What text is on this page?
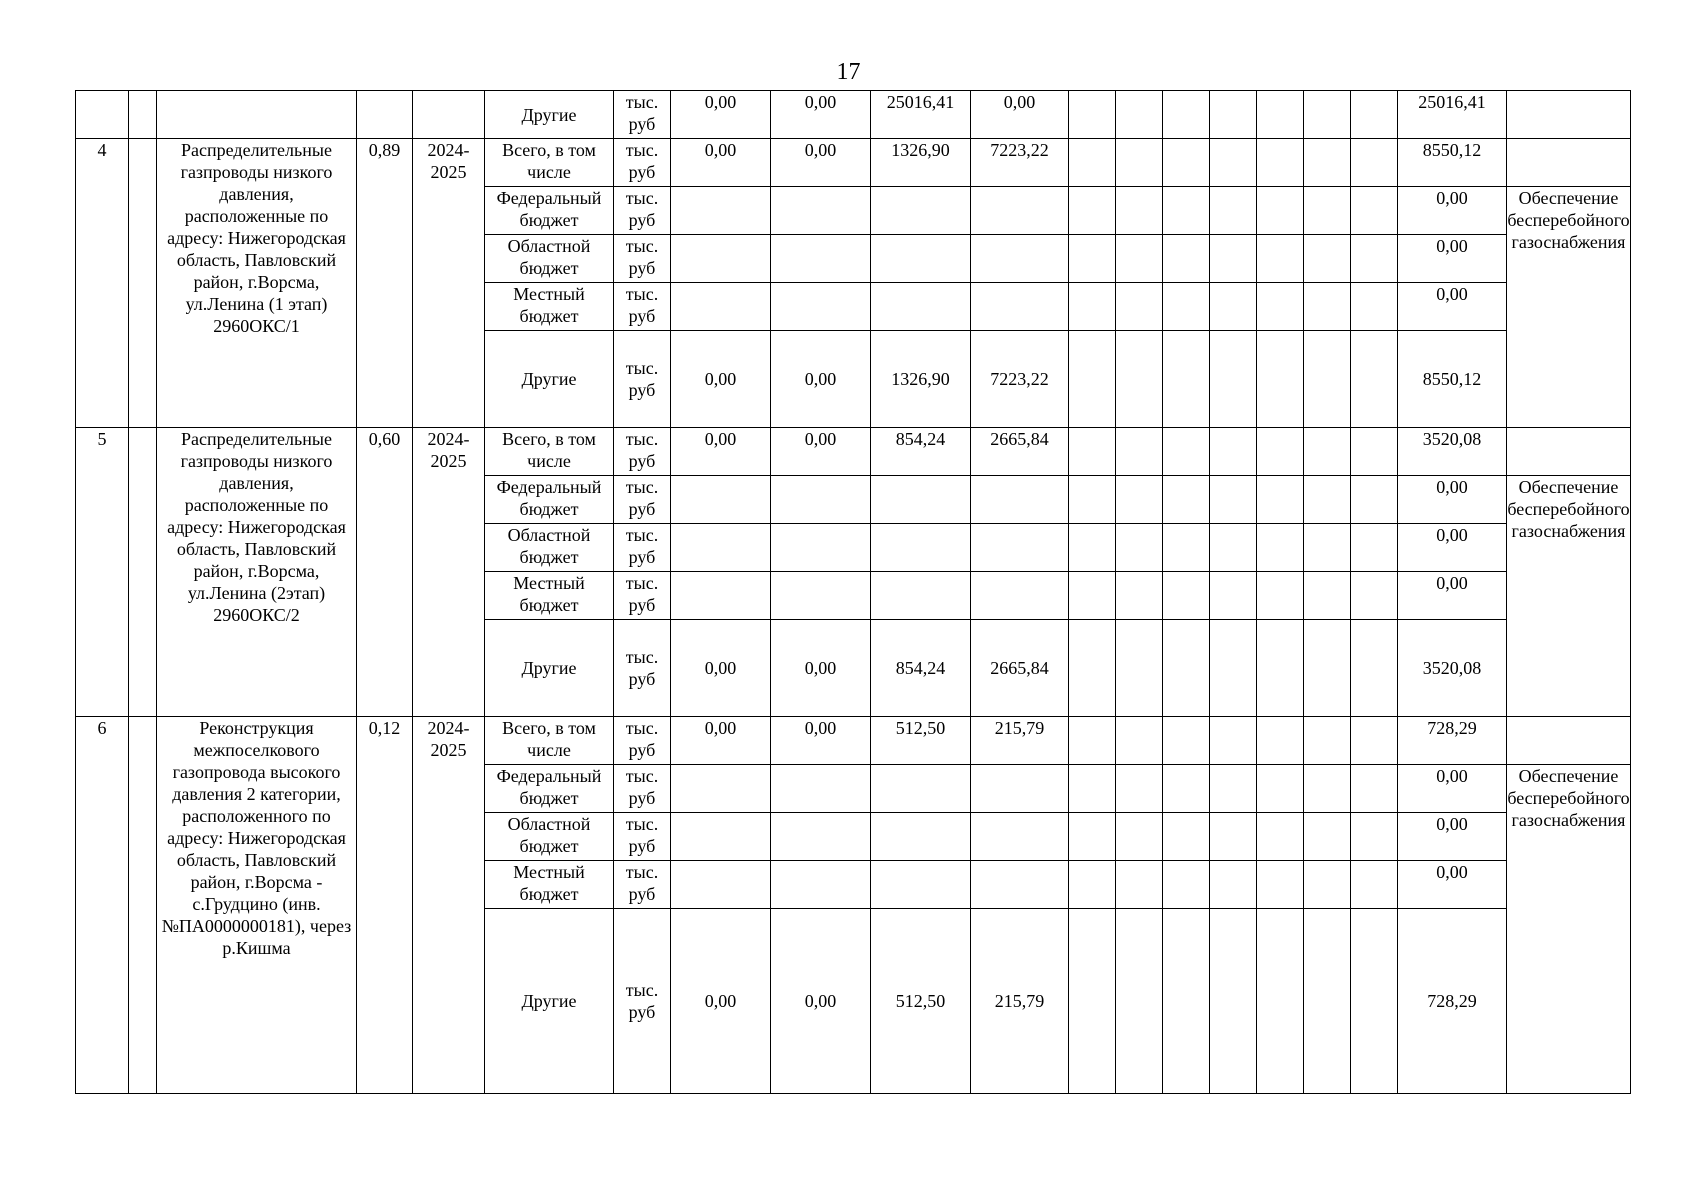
17
					Другие	тыс. руб	0,00	0,00	25016,41	0,00								25016,41	
4		Распределительные газпроводы низкого давления, расположенные по адресу: Нижегородская область, Павловский район, г.Ворсма, ул.Ленина (1 этап) 2960ОКС/1	0,89	2024-2025	Всего, в том числе	тыс. руб	0,00	0,00	1326,90	7223,22								8550,12	
					Федеральный бюджет	тыс. руб												0,00	Обеспечение бесперебойного газоснабжения
					Областной бюджет	тыс. руб												0,00	
					Местный бюджет	тыс. руб												0,00	
					Другие	тыс. руб	0,00	0,00	1326,90	7223,22								8550,12	
5		Распределительные газпроводы низкого давления, расположенные по адресу: Нижегородская область, Павловский район, г.Ворсма, ул.Ленина (2этап) 2960ОКС/2	0,60	2024-2025	Всего, в том числе	тыс. руб	0,00	0,00	854,24	2665,84								3520,08	
					Федеральный бюджет	тыс. руб												0,00	Обеспечение бесперебойного газоснабжения
					Областной бюджет	тыс. руб												0,00	
					Местный бюджет	тыс. руб												0,00	
					Другие	тыс. руб	0,00	0,00	854,24	2665,84								3520,08	
6		Реконструкция межпоселкового газопровода высокого давления 2 категории, расположенного по адресу: Нижегородская область, Павловский район, г.Ворсма - с.Грудцино (инв. №ПА0000000181), через р.Кишма	0,12	2024-2025	Всего, в том числе	тыс. руб	0,00	0,00	512,50	215,79								728,29	
					Федеральный бюджет	тыс. руб												0,00	Обеспечение бесперебойного газоснабжения
					Областной бюджет	тыс. руб												0,00	
					Местный бюджет	тыс. руб												0,00	
					Другие	тыс. руб	0,00	0,00	512,50	215,79								728,29	
